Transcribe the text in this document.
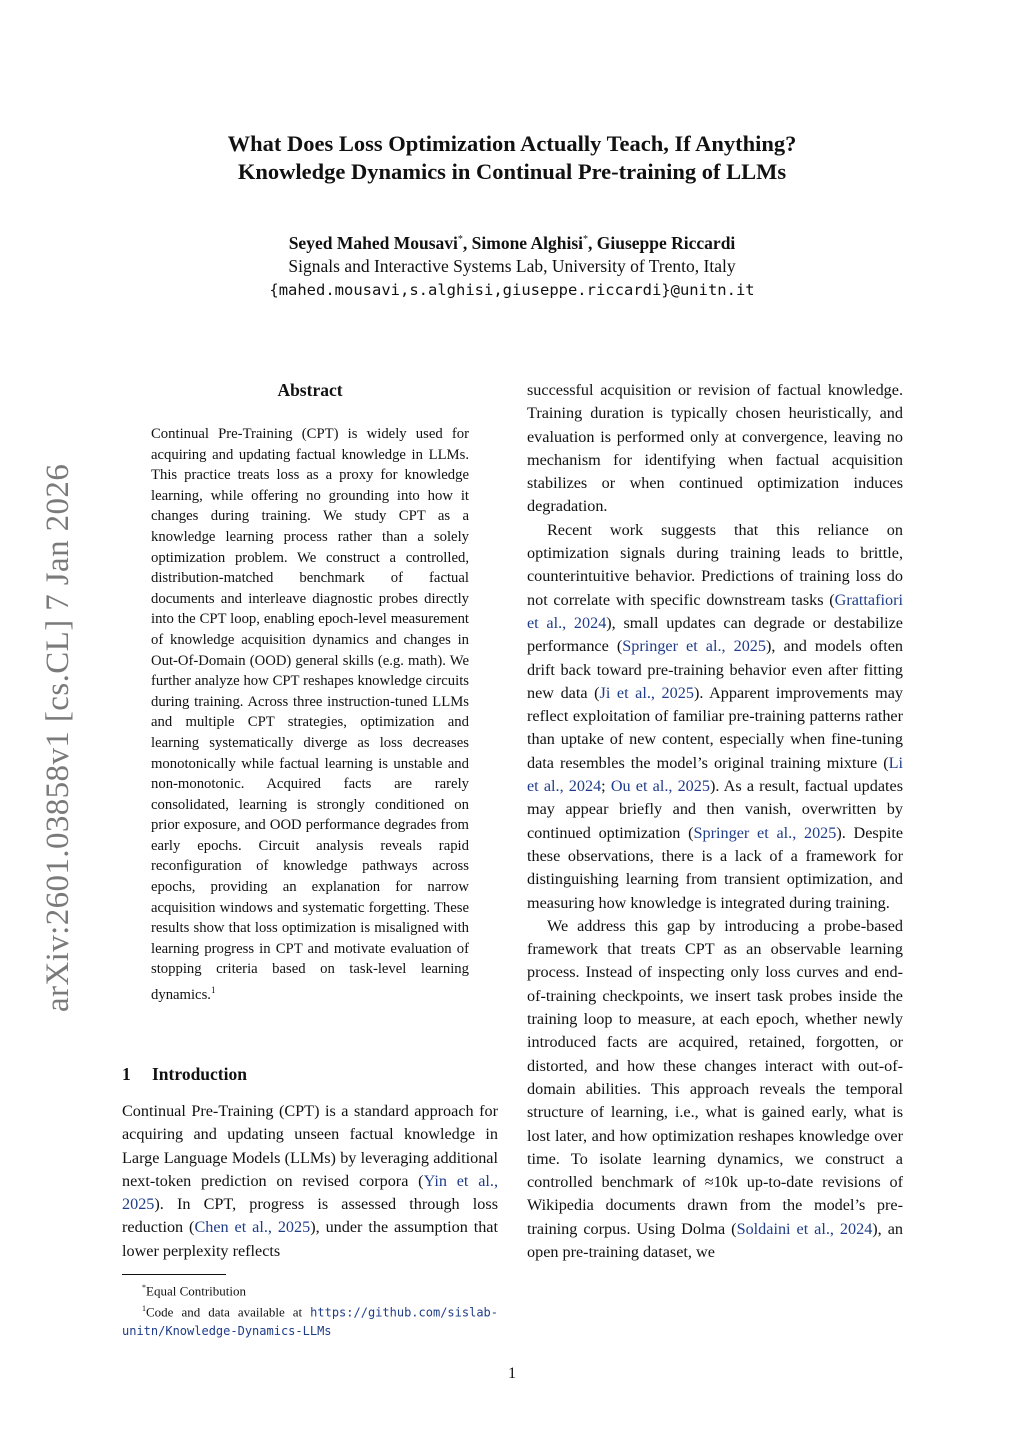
arXiv:2601.03858v1 [cs.CL] 7 Jan 2026
What Does Loss Optimization Actually Teach, If Anything?
Knowledge Dynamics in Continual Pre-training of LLMs
Seyed Mahed Mousavi*, Simone Alghisi*, Giuseppe Riccardi
Signals and Interactive Systems Lab, University of Trento, Italy
{mahed.mousavi,s.alghisi,giuseppe.riccardi}@unitn.it
Abstract
Continual Pre-Training (CPT) is widely used for acquiring and updating factual knowledge in LLMs. This practice treats loss as a proxy for knowledge learning, while offering no grounding into how it changes during training. We study CPT as a knowledge learning process rather than a solely optimization problem. We construct a controlled, distribution-matched benchmark of factual documents and interleave diagnostic probes directly into the CPT loop, enabling epoch-level measurement of knowledge acquisition dynamics and changes in Out-Of-Domain (OOD) general skills (e.g. math). We further analyze how CPT reshapes knowledge circuits during training. Across three instruction-tuned LLMs and multiple CPT strategies, optimization and learning systematically diverge as loss decreases monotonically while factual learning is unstable and non-monotonic. Acquired facts are rarely consolidated, learning is strongly conditioned on prior exposure, and OOD performance degrades from early epochs. Circuit analysis reveals rapid reconfiguration of knowledge pathways across epochs, providing an explanation for narrow acquisition windows and systematic forgetting. These results show that loss optimization is misaligned with learning progress in CPT and motivate evaluation of stopping criteria based on task-level learning dynamics.$^1$
1 Introduction
Continual Pre-Training (CPT) is a standard approach for acquiring and updating unseen factual knowledge in Large Language Models (LLMs) by leveraging additional next-token prediction on revised corpora (Yin et al., 2025). In CPT, progress is assessed through loss reduction (Chen et al., 2025), under the assumption that lower perplexity reflects

successful acquisition or revision of factual knowledge. Training duration is typically chosen heuristically, and evaluation is performed only at convergence, leaving no mechanism for identifying when factual acquisition stabilizes or when continued optimization induces degradation.

Recent work suggests that this reliance on optimization signals during training leads to brittle, counterintuitive behavior. Predictions of training loss do not correlate with specific downstream tasks (Grattafiori et al., 2024), small updates can degrade or destabilize performance (Springer et al., 2025), and models often drift back toward pre-training behavior even after fitting new data (Ji et al., 2025). Apparent improvements may reflect exploitation of familiar pre-training patterns rather than uptake of new content, especially when fine-tuning data resembles the model’s original training mixture (Li et al., 2024; Ou et al., 2025). As a result, factual updates may appear briefly and then vanish, overwritten by continued optimization (Springer et al., 2025). Despite these observations, there is a lack of a framework for distinguishing learning from transient optimization, and measuring how knowledge is integrated during training.

We address this gap by introducing a probe-based framework that treats CPT as an observable learning process. Instead of inspecting only loss curves and end-of-training checkpoints, we insert task probes inside the training loop to measure, at each epoch, whether newly introduced facts are acquired, retained, forgotten, or distorted, and how these changes interact with out-of-domain abilities. This approach reveals the temporal structure of learning, i.e., what is gained early, what is lost later, and how optimization reshapes knowledge over time. To isolate learning dynamics, we construct a controlled benchmark of ≈10k up-to-date revisions of Wikipedia documents drawn from the model’s pre-training corpus. Using Dolma (Soldaini et al., 2024), an open pre-training dataset, we

*Equal Contribution
$^1$Code and data available at https://github.com/sislab-unitn/Knowledge-Dynamics-LLMs
1
